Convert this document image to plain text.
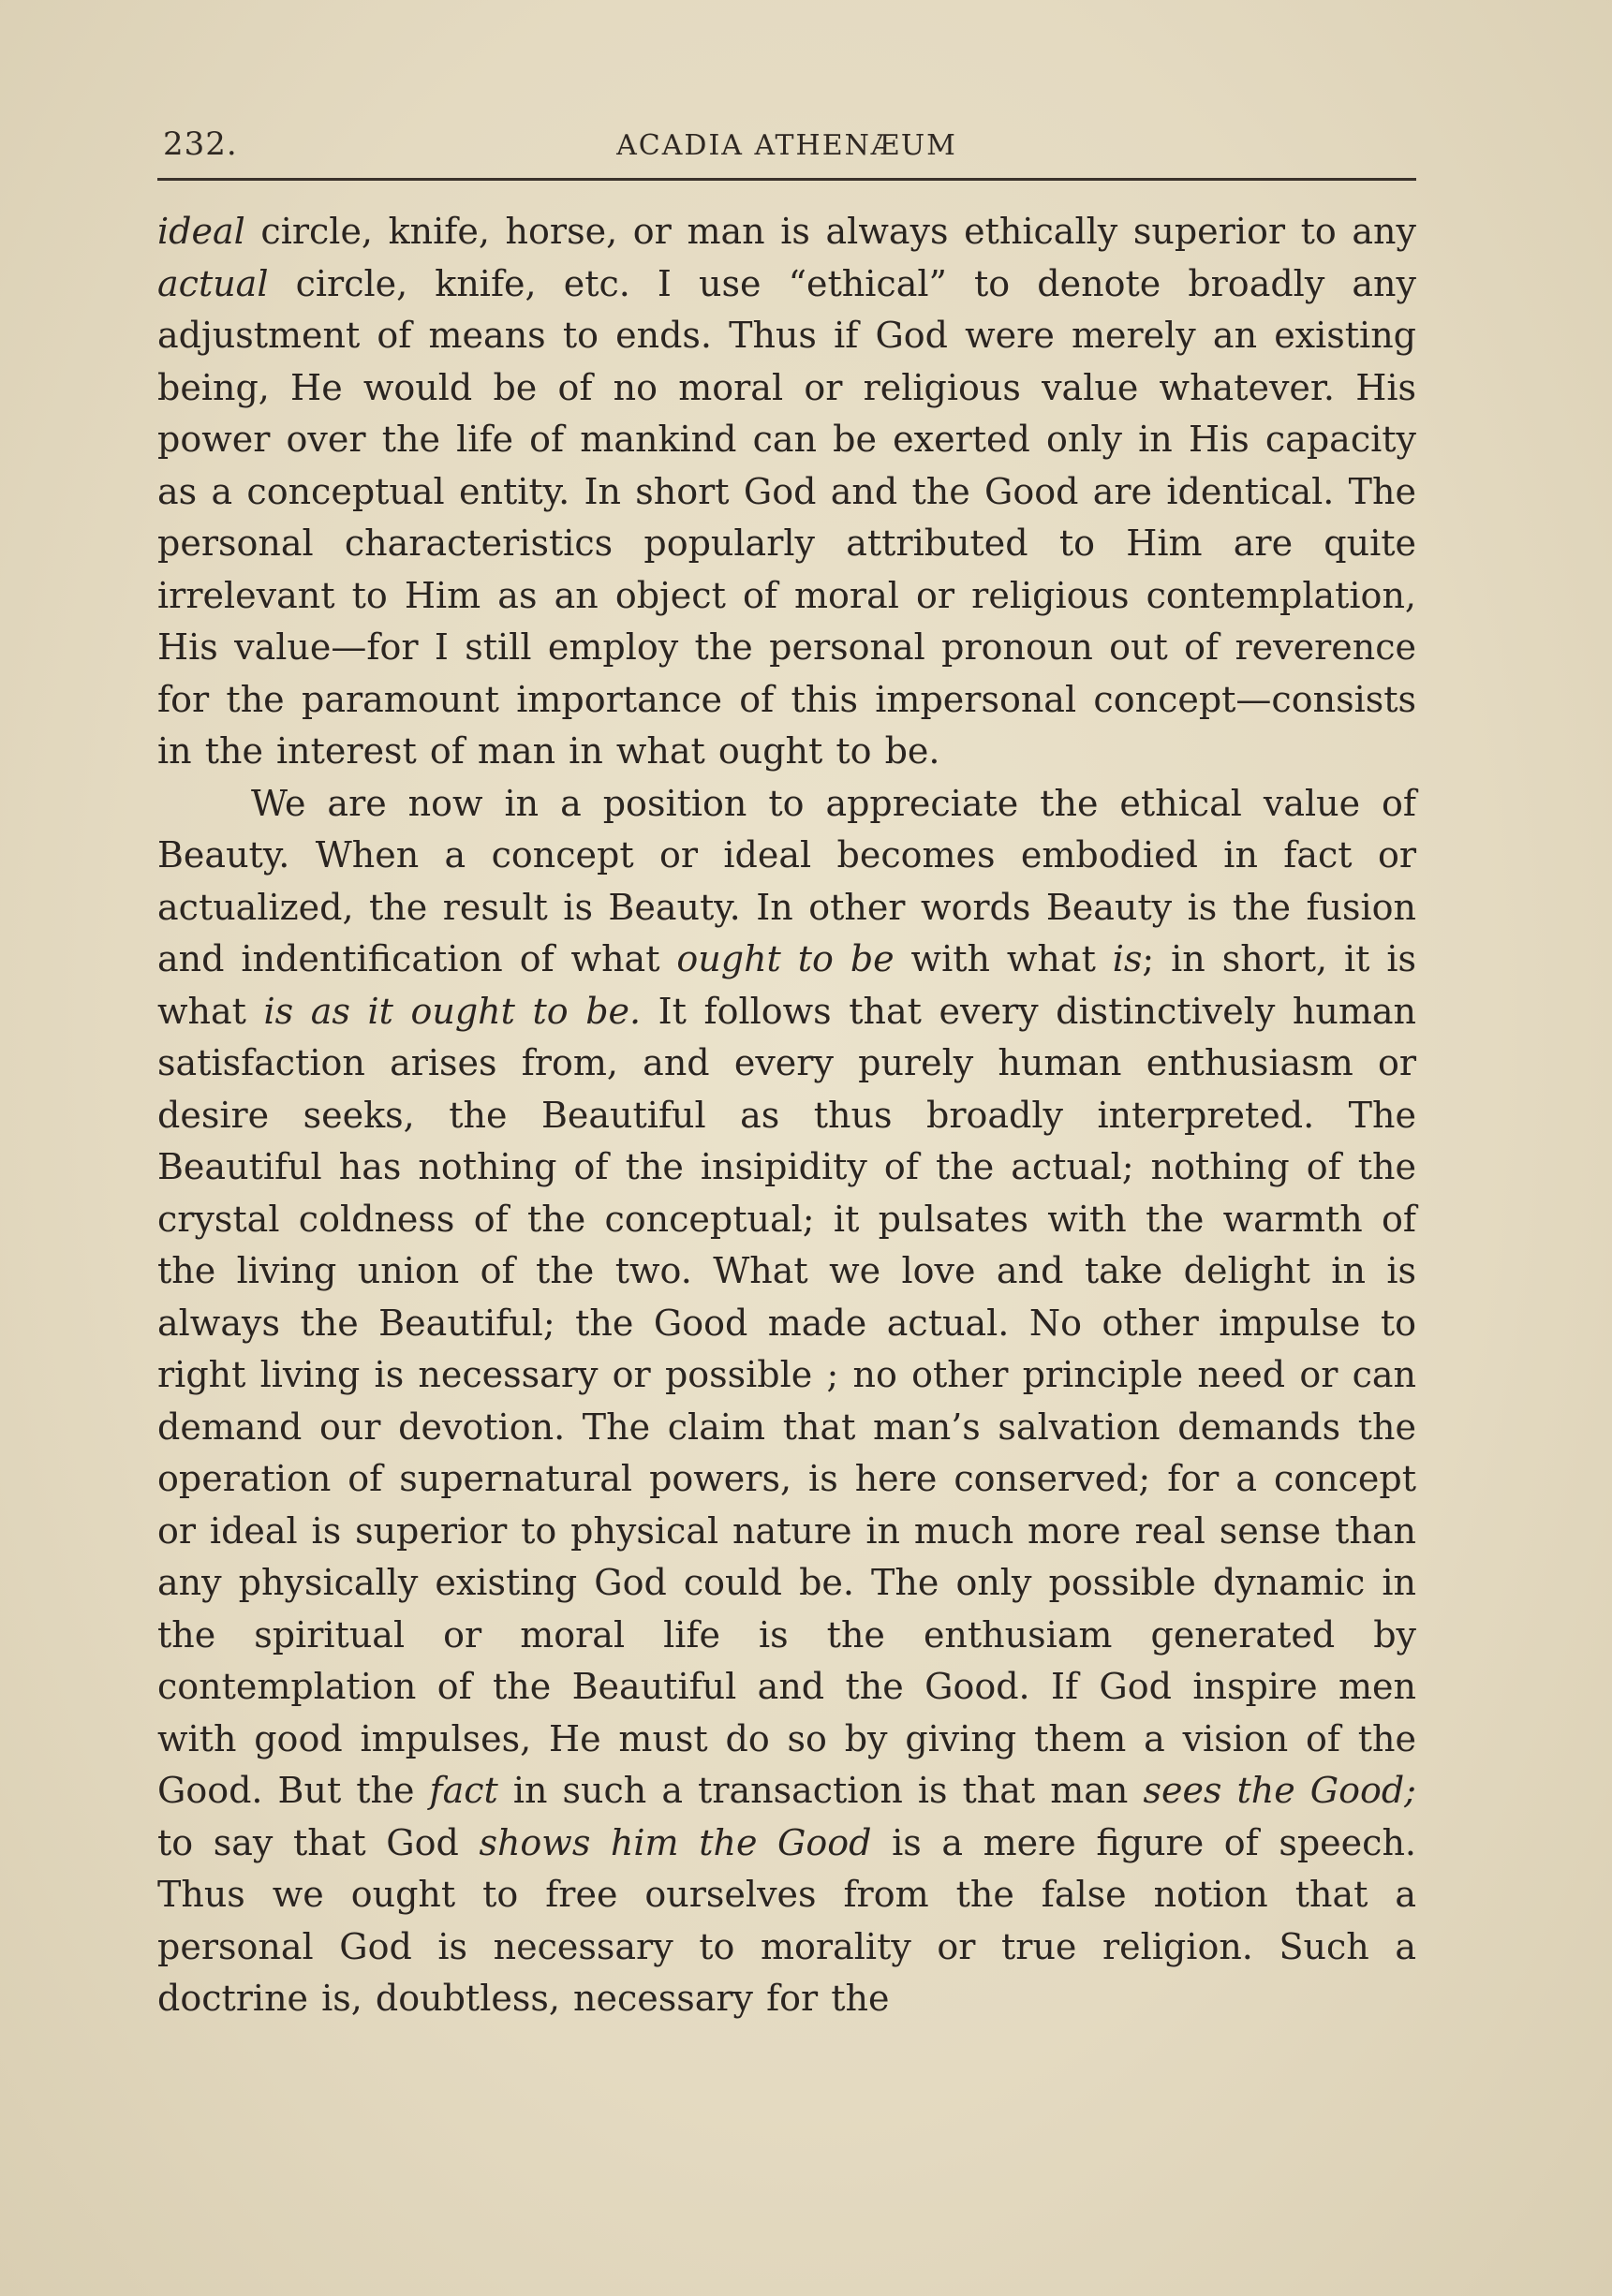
232.	ACADIA ATHENÆUM

ideal circle, knife, horse, or man is always ethically superior to any actual circle, knife, etc. I use “ethical” to denote broadly any adjustment of means to ends. Thus if God were merely an existing being, He would be of no moral or religious value whatever. His power over the life of mankind can be exerted only in His capacity as a conceptual entity. In short God and the Good are identical. The personal characteristics popularly attributed to Him are quite irrelevant to Him as an object of moral or religious contemplation, His value—for I still employ the personal pronoun out of reverence for the paramount importance of this impersonal concept—consists in the interest of man in what ought to be.

We are now in a position to appreciate the ethical value of Beauty. When a concept or ideal becomes embodied in fact or actualized, the result is Beauty. In other words Beauty is the fusion and indentification of what ought to be with what is; in short, it is what is as it ought to be. It follows that every distinctively human satisfaction arises from, and every purely human enthusiasm or desire seeks, the Beautiful as thus broadly interpreted. The Beautiful has nothing of the insipidity of the actual; nothing of the crystal coldness of the conceptual; it pulsates with the warmth of the living union of the two. What we love and take delight in is always the Beautiful; the Good made actual. No other impulse to right living is necessary or possible ; no other principle need or can demand our devotion. The claim that man’s salvation demands the operation of supernatural powers, is here conserved; for a concept or ideal is superior to physical nature in much more real sense than any physically existing God could be. The only possible dynamic in the spiritual or moral life is the enthusiam generated by contemplation of the Beautiful and the Good. If God inspire men with good impulses, He must do so by giving them a vision of the Good. But the fact in such a transaction is that man sees the Good; to say that God shows him the Good is a mere figure of speech. Thus we ought to free ourselves from the false notion that a personal God is necessary to morality or true religion. Such a doctrine is, doubtless, necessary for the
